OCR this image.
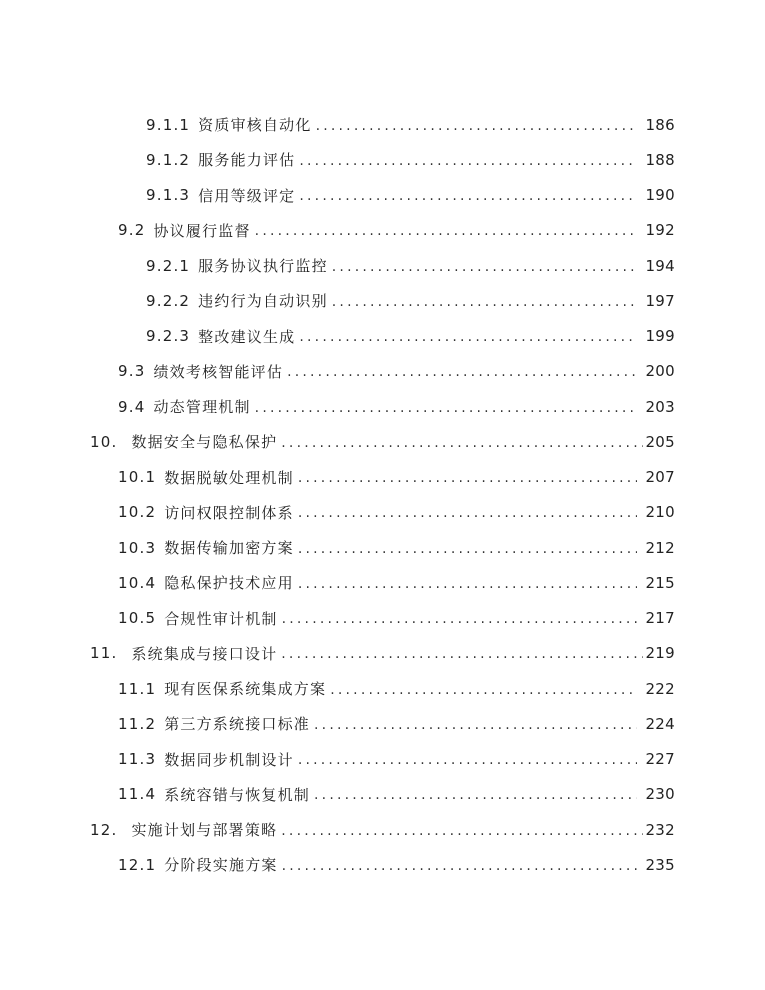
9.1.1 资质审核自动化 .....	186
9.1.2 服务能力评估 .....	188
9.1.3 信用等级评定 .....	190
9.2 协议履行监督 .....	192
9.2.1 服务协议执行监控 .....	194
9.2.2 违约行为自动识别 .....	197
9.2.3 整改建议生成 .....	199
9.3 绩效考核智能评估 .....	200
9.4 动态管理机制 .....	203
10. 数据安全与隐私保护 .....	205
10.1 数据脱敏处理机制 .....	207
10.2 访问权限控制体系 .....	210
10.3 数据传输加密方案 .....	212
10.4 隐私保护技术应用 .....	215
10.5 合规性审计机制 .....	217
11. 系统集成与接口设计 .....	219
11.1 现有医保系统集成方案 .....	222
11.2 第三方系统接口标准 .....	224
11.3 数据同步机制设计 .....	227
11.4 系统容错与恢复机制 .....	230
12. 实施计划与部署策略 .....	232
12.1 分阶段实施方案 .....	235
